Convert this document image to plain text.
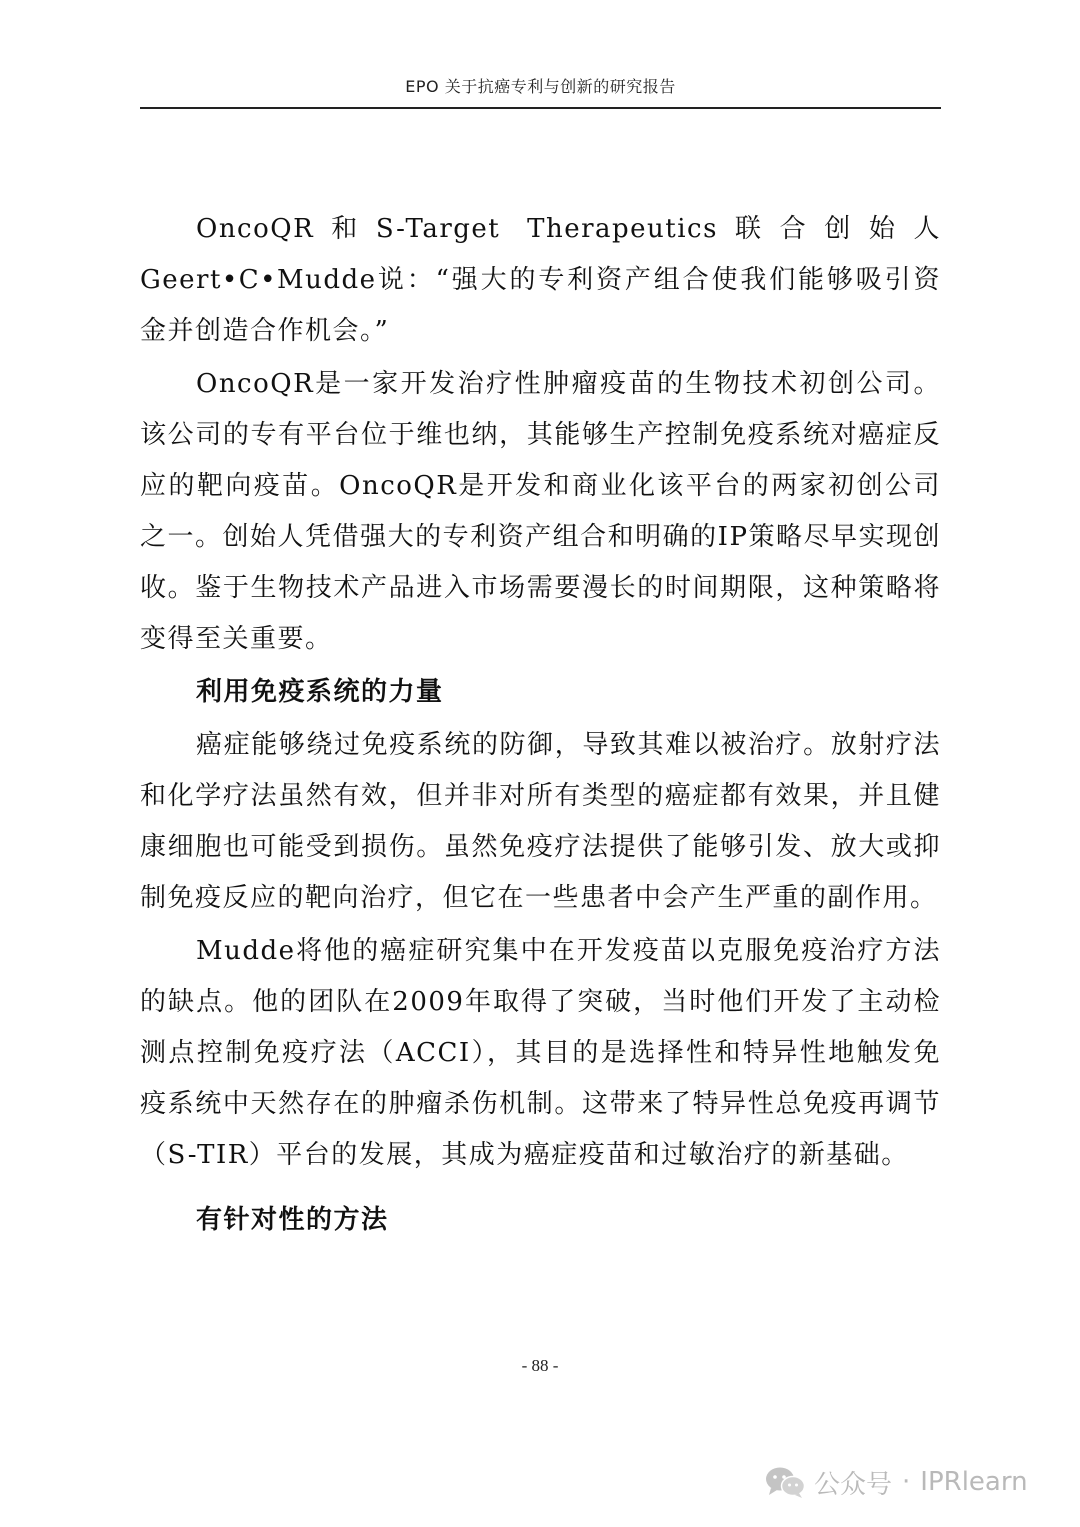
EPO 关于抗癌专利与创新的研究报告

OncoQR和S-Target Therapeutics联合创始人Geert•C•Mudde说：“强大的专利资产组合使我们能够吸引资金并创造合作机会。”

OncoQR是一家开发治疗性肿瘤疫苗的生物技术初创公司。该公司的专有平台位于维也纳，其能够生产控制免疫系统对癌症反应的靶向疫苗。OncoQR是开发和商业化该平台的两家初创公司之一。创始人凭借强大的专利资产组合和明确的IP策略尽早实现创收。鉴于生物技术产品进入市场需要漫长的时间期限，这种策略将变得至关重要。

利用免疫系统的力量

癌症能够绕过免疫系统的防御，导致其难以被治疗。放射疗法和化学疗法虽然有效，但并非对所有类型的癌症都有效果，并且健康细胞也可能受到损伤。虽然免疫疗法提供了能够引发、放大或抑制免疫反应的靶向治疗，但它在一些患者中会产生严重的副作用。

Mudde将他的癌症研究集中在开发疫苗以克服免疫治疗方法的缺点。他的团队在2009年取得了突破，当时他们开发了主动检测点控制免疫疗法（ACCI），其目的是选择性和特异性地触发免疫系统中天然存在的肿瘤杀伤机制。这带来了特异性总免疫再调节（S-TIR）平台的发展，其成为癌症疫苗和过敏治疗的新基础。

有针对性的方法

- 88 -
公众号 · IPRlearn
